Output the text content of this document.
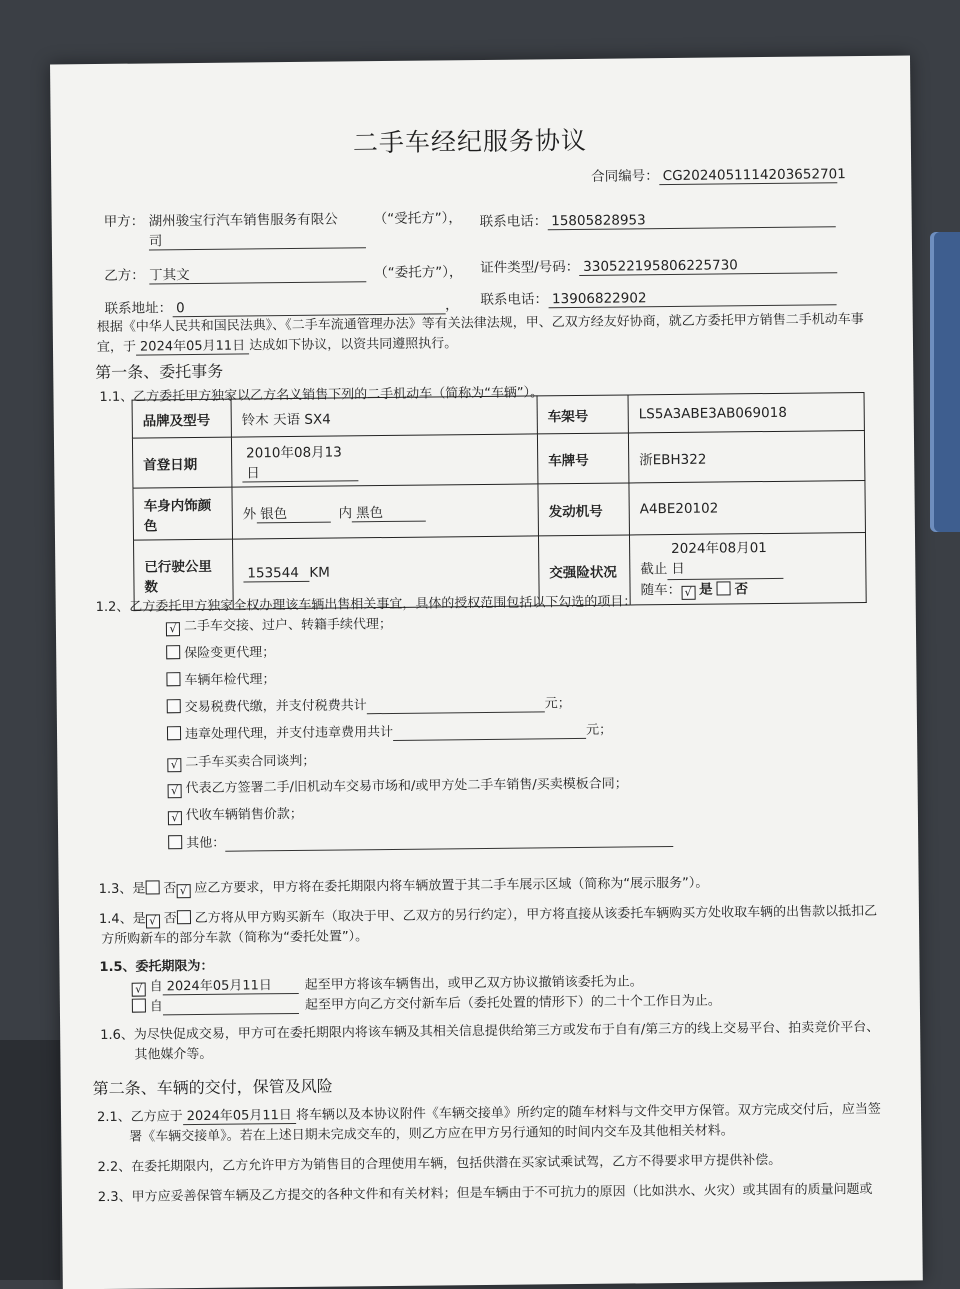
二手车经纪服务协议
合同编号： CG2024051114203652701
甲方： 湖州骏宝行汽车销售服务有限公
司
（“受托方”）， 联系电话： 15805828953
乙方： 丁其文	（“委托方”）， 证件类型/号码： 330522195806225730
联系地址： 0	， 联系电话： 13906822902
根据《中华人民共和国民法典》、《二手车流通管理办法》等有关法律法规，甲、乙双方经友好协商，就乙方委托甲方销售二手机动车事
宜，于 2024年05月11日 达成如下协议，以资共同遵照执行。
第一条、委托事务
1.1、乙方委托甲方独家以乙方名义销售下列的二手机动车（简称为“车辆”）。
品牌及型号	铃木 天语 SX4	车架号	LS5A3ABE3AB069018
首登日期	2010年08月13日	车牌号	浙EBH322
车身内饰颜色	外 银色 内 黑色	发动机号	A4BE20102
已行驶公里数	153544 KM	交强险状况	截止2024年08月01日
随车： √ 是 否
1.2、乙方委托甲方独家全权办理该车辆出售相关事宜，具体的授权范围包括以下勾选的项目：
√ 二手车交接、过户、转籍手续代理；
保险变更代理；
车辆年检代理；
交易税费代缴，并支付税费共计	元；
违章处理代理，并支付违章费用共计	元；
√ 二手车买卖合同谈判；
√ 代表乙方签署二手/旧机动车交易市场和/或甲方处二手车销售/买卖模板合同；
√ 代收车辆销售价款；
其他：
1.3、是 否 √ 应乙方要求，甲方将在委托期限内将车辆放置于其二手车展示区域（简称为“展示服务”）。
1.4、是 √ 否 乙方将从甲方购买新车（取决于甲、乙双方的另行约定），甲方将直接从该委托车辆购买方处收取车辆的出售款以抵扣乙
方所购新车的部分车款（简称为“委托处置”）。
1.5、委托期限为：
√ 自 2024年05月11日	起至甲方将该车辆售出，或甲乙双方协议撤销该委托为止。
自	起至甲方向乙方交付新车后（委托处置的情形下）的二十个工作日为止。
1.6、为尽快促成交易，甲方可在委托期限内将该车辆及其相关信息提供给第三方或发布于自有/第三方的线上交易平台、拍卖竞价平台、
其他媒介等。
第二条、车辆的交付，保管及风险
2.1、乙方应于 2024年05月11日 将车辆以及本协议附件《车辆交接单》所约定的随车材料与文件交甲方保管。双方完成交付后，应当签
署《车辆交接单》。若在上述日期未完成交车的，则乙方应在甲方另行通知的时间内交车及其他相关材料。
2.2、在委托期限内，乙方允许甲方为销售目的合理使用车辆，包括供潜在买家试乘试驾，乙方不得要求甲方提供补偿。
2.3、甲方应妥善保管车辆及乙方提交的各种文件和有关材料；但是车辆由于不可抗力的原因（比如洪水、火灾）或其固有的质量问题或
